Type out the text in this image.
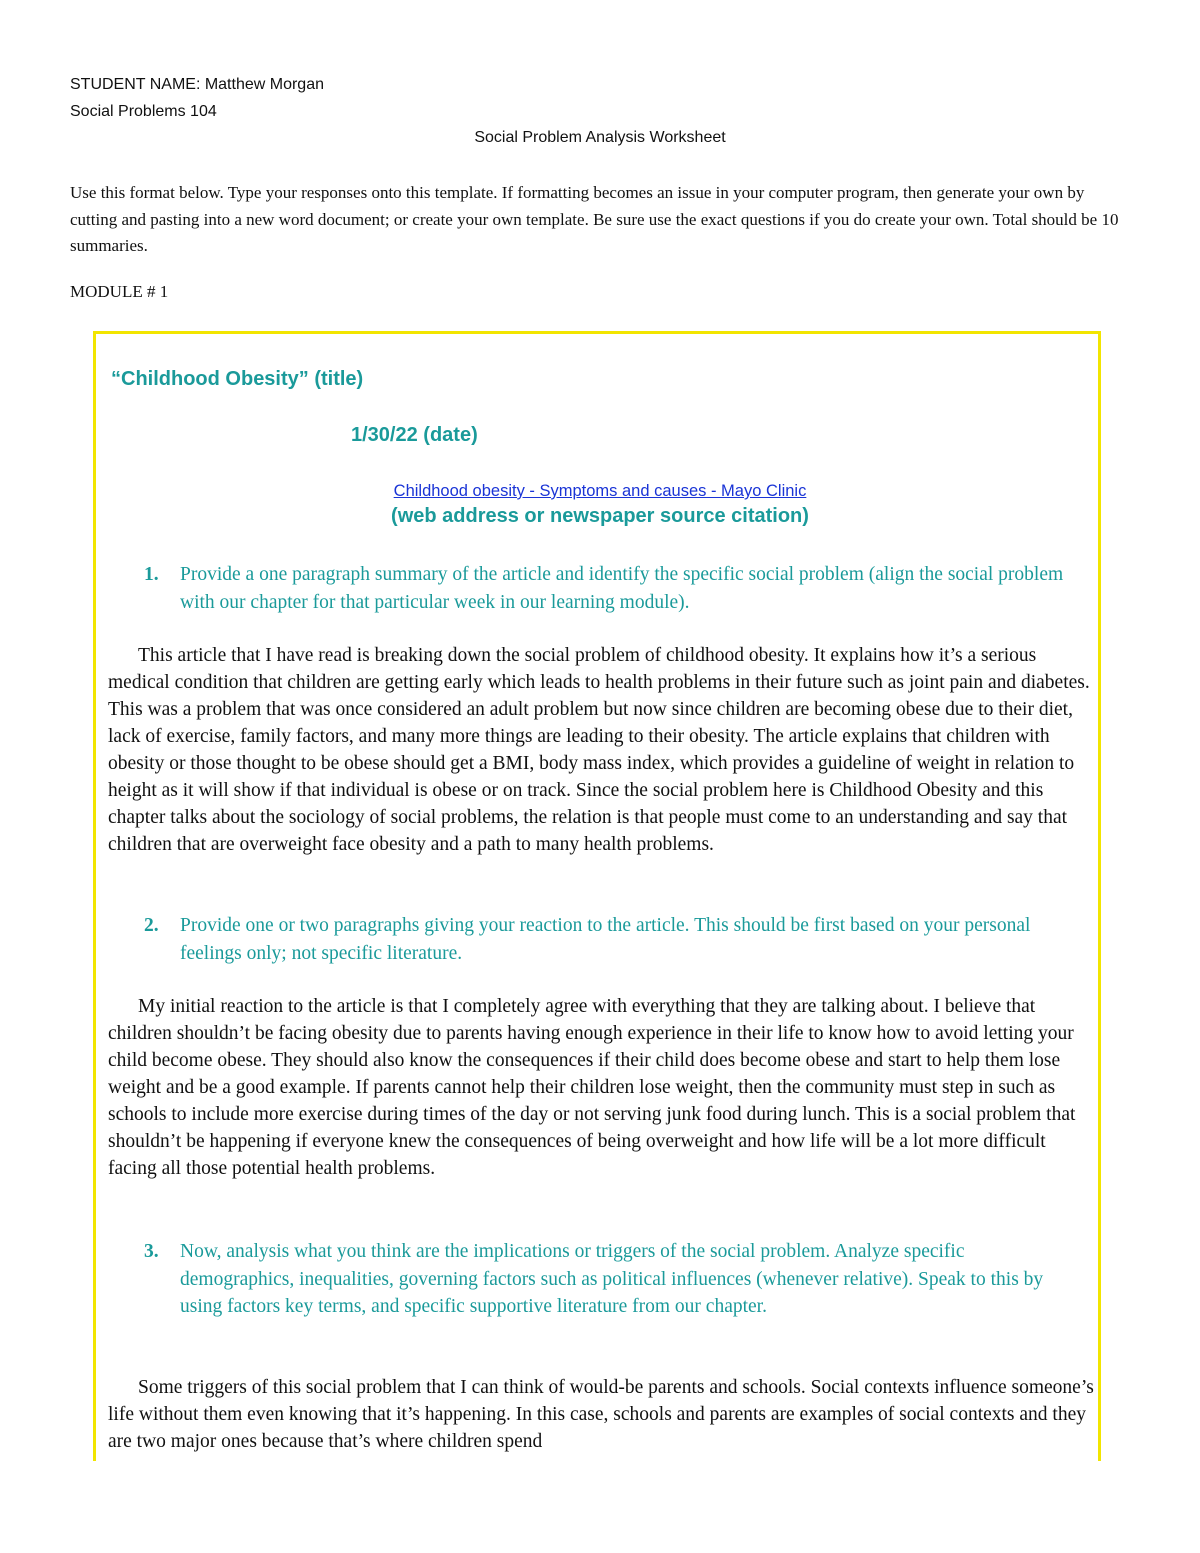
STUDENT NAME: Matthew Morgan
Social Problems 104
Social Problem Analysis Worksheet
Use this format below. Type your responses onto this template. If formatting becomes an issue in your computer program, then generate your own by cutting and pasting into a new word document; or create your own template. Be sure use the exact questions if you do create your own. Total should be 10 summaries.
MODULE # 1
“Childhood Obesity” (title)
1/30/22 (date)
Childhood obesity - Symptoms and causes - Mayo Clinic
(web address or newspaper source citation)
1. Provide a one paragraph summary of the article and identify the specific social problem (align the social problem with our chapter for that particular week in our learning module).
This article that I have read is breaking down the social problem of childhood obesity. It explains how it’s a serious medical condition that children are getting early which leads to health problems in their future such as joint pain and diabetes. This was a problem that was once considered an adult problem but now since children are becoming obese due to their diet, lack of exercise, family factors, and many more things are leading to their obesity. The article explains that children with obesity or those thought to be obese should get a BMI, body mass index, which provides a guideline of weight in relation to height as it will show if that individual is obese or on track. Since the social problem here is Childhood Obesity and this chapter talks about the sociology of social problems, the relation is that people must come to an understanding and say that children that are overweight face obesity and a path to many health problems.
2. Provide one or two paragraphs giving your reaction to the article. This should be first based on your personal feelings only; not specific literature.
My initial reaction to the article is that I completely agree with everything that they are talking about. I believe that children shouldn’t be facing obesity due to parents having enough experience in their life to know how to avoid letting your child become obese. They should also know the consequences if their child does become obese and start to help them lose weight and be a good example. If parents cannot help their children lose weight, then the community must step in such as schools to include more exercise during times of the day or not serving junk food during lunch. This is a social problem that shouldn’t be happening if everyone knew the consequences of being overweight and how life will be a lot more difficult facing all those potential health problems.
3. Now, analysis what you think are the implications or triggers of the social problem. Analyze specific demographics, inequalities, governing factors such as political influences (whenever relative). Speak to this by using factors key terms, and specific supportive literature from our chapter.
Some triggers of this social problem that I can think of would-be parents and schools. Social contexts influence someone’s life without them even knowing that it’s happening. In this case, schools and parents are examples of social contexts and they are two major ones because that’s where children spend
